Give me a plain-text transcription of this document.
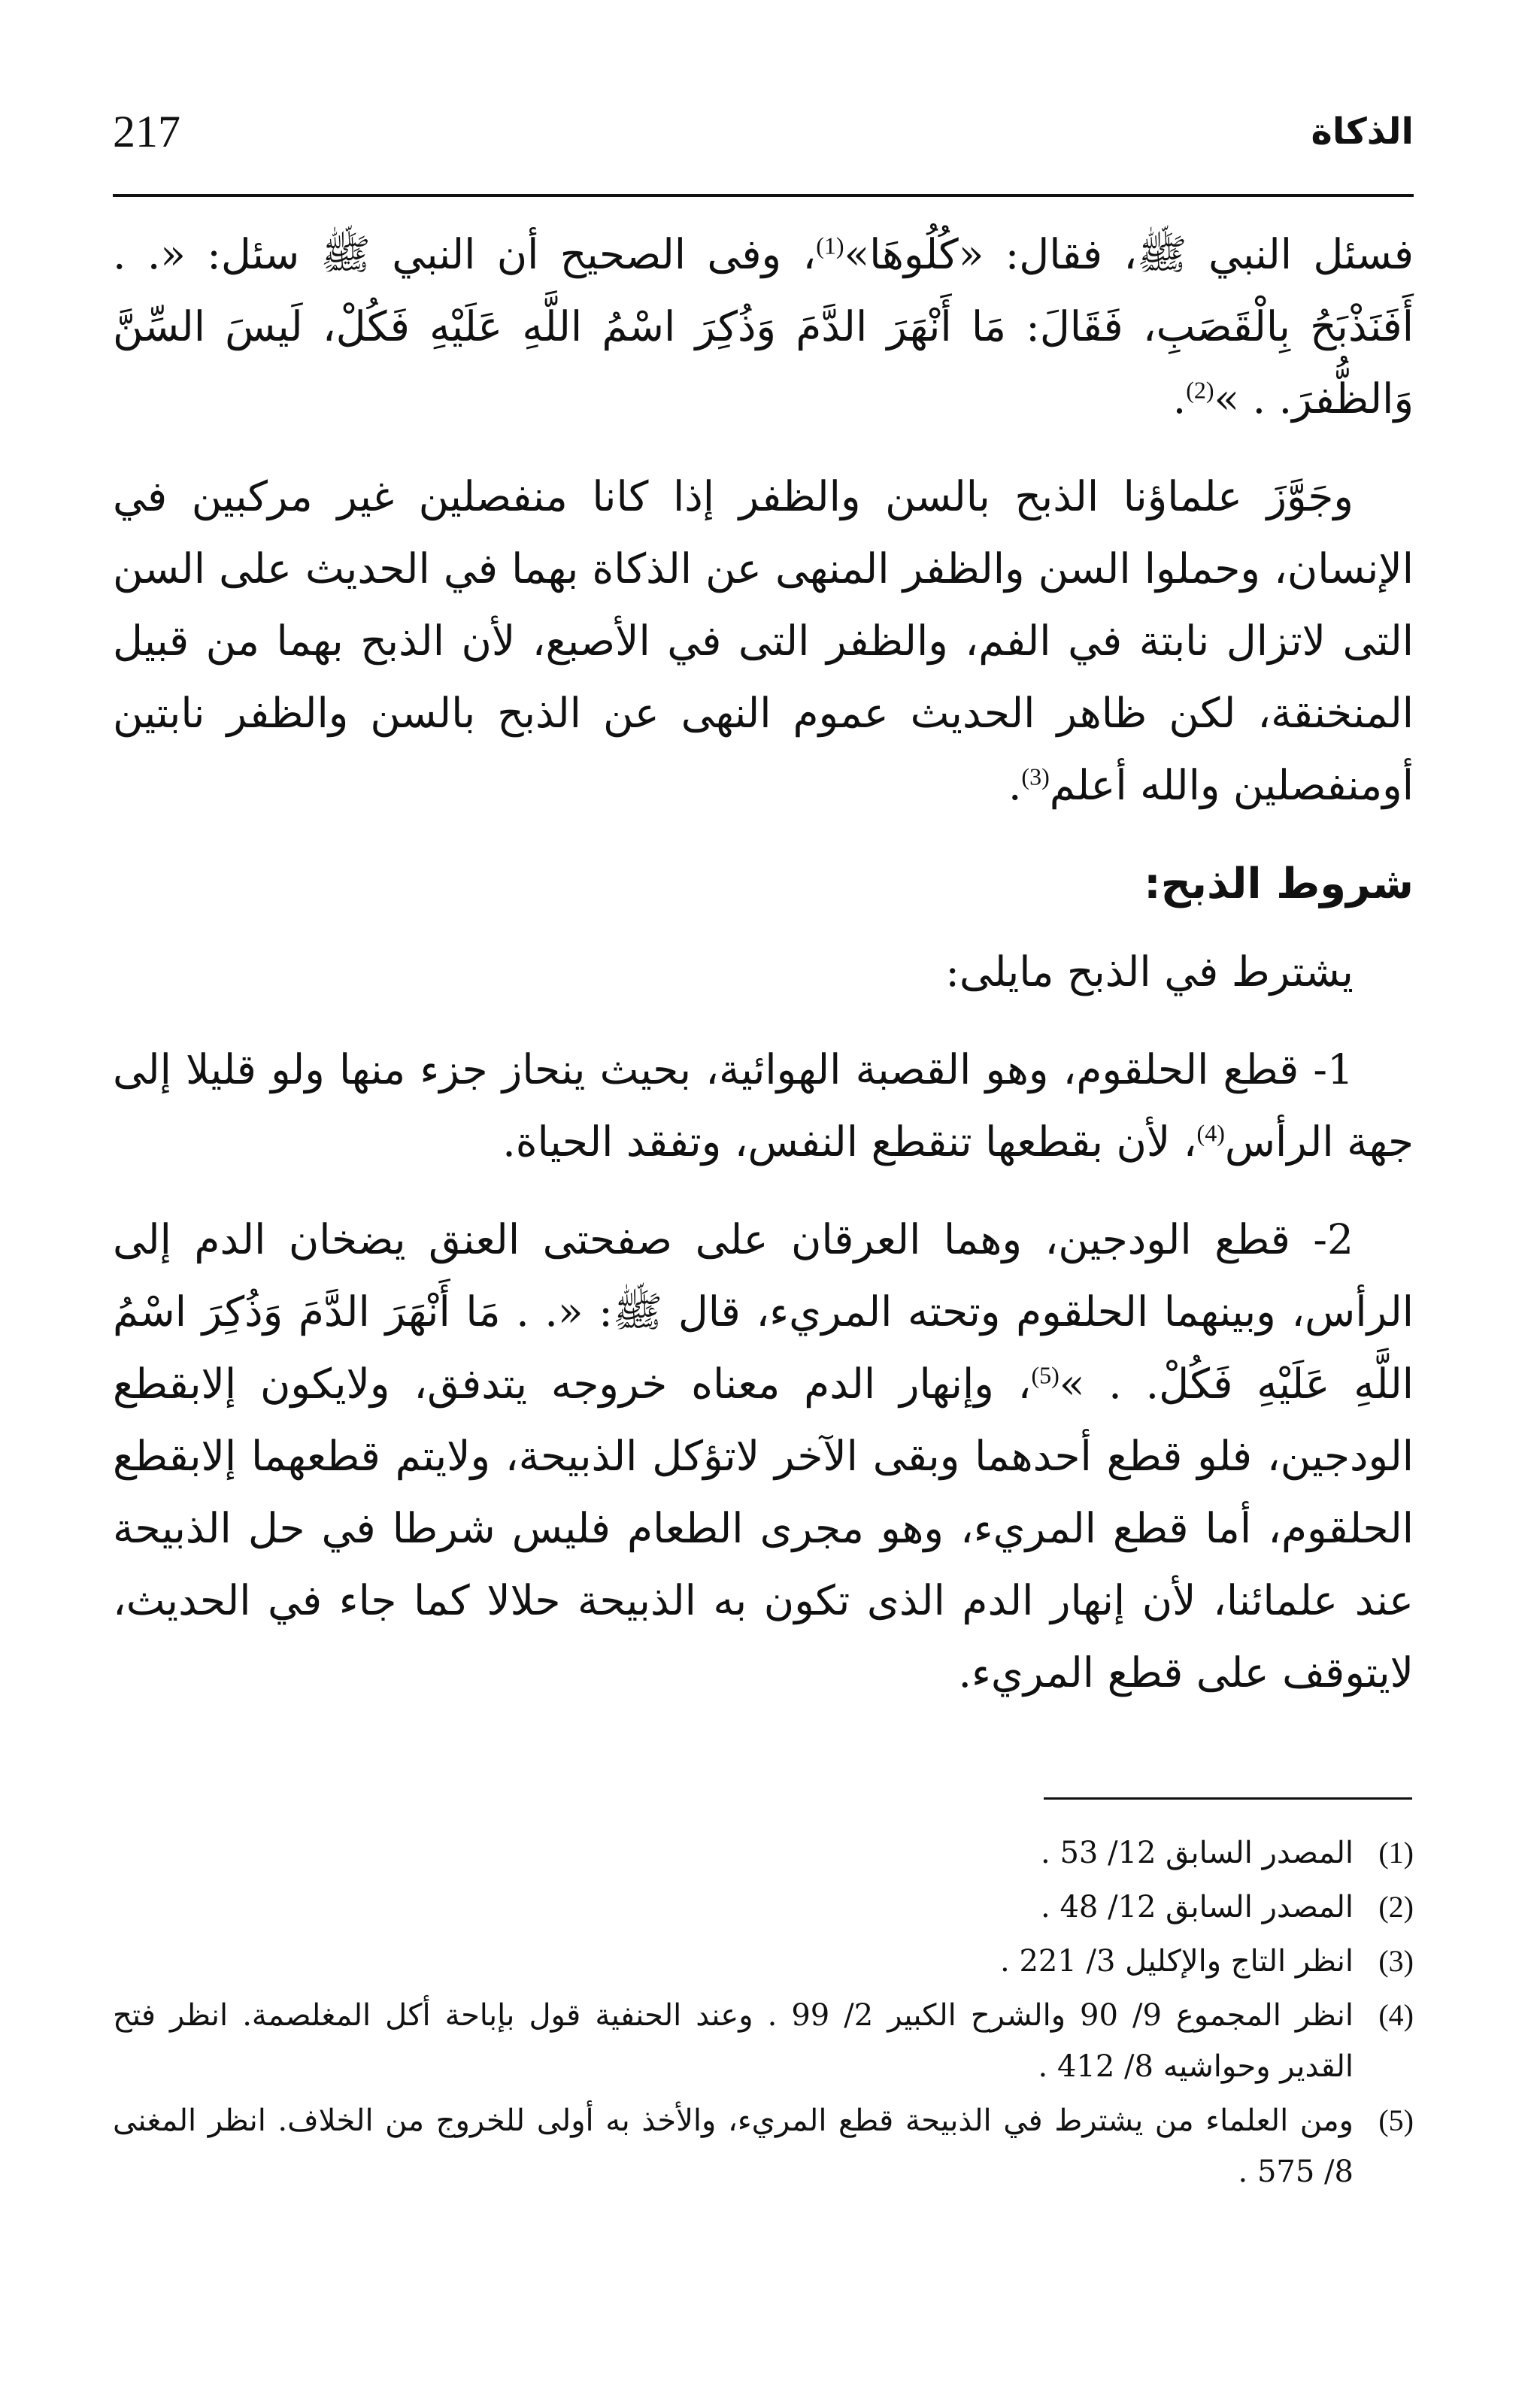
217	الذكاة

فسئل النبي ﷺ، فقال: «كُلُوهَا»$^{(1)}$، وفى الصحيح أن النبي ﷺ سئل: «. . أَفَنَذْبَحُ بِالْقَصَبِ، فَقَالَ: مَا أَنْهَرَ الدَّمَ وَذُكِرَ اسْمُ اللَّهِ عَلَيْهِ فَكُلْ، لَيسَ السِّنَّ وَالظُّفرَ. . »$^{(2)}$.

وجَوَّزَ علماؤنا الذبح بالسن والظفر إذا كانا منفصلين غير مركبين في الإنسان، وحملوا السن والظفر المنهى عن الذكاة بهما في الحديث على السن التى لاتزال نابتة في الفم، والظفر التى في الأصبع، لأن الذبح بهما من قبيل المنخنقة، لكن ظاهر الحديث عموم النهى عن الذبح بالسن والظفر نابتين أومنفصلين والله أعلم$^{(3)}$.

شروط الذبح:

يشترط في الذبح مايلى:

1- قطع الحلقوم، وهو القصبة الهوائية، بحيث ينحاز جزء منها ولو قليلا إلى جهة الرأس$^{(4)}$، لأن بقطعها تنقطع النفس، وتفقد الحياة.

2- قطع الودجين، وهما العرقان على صفحتى العنق يضخان الدم إلى الرأس، وبينهما الحلقوم وتحته المريء، قال ﷺ: «. . مَا أَنْهَرَ الدَّمَ وَذُكِرَ اسْمُ اللَّهِ عَلَيْهِ فَكُلْ. . »$^{(5)}$، وإنهار الدم معناه خروجه يتدفق، ولايكون إلابقطع الودجين، فلو قطع أحدهما وبقى الآخر لاتؤكل الذبيحة، ولايتم قطعهما إلابقطع الحلقوم، أما قطع المريء، وهو مجرى الطعام فليس شرطا في حل الذبيحة عند علمائنا، لأن إنهار الدم الذى تكون به الذبيحة حلالا كما جاء في الحديث، لايتوقف على قطع المريء.

(1)
المصدر السابق 12/ 53 .
(2)
المصدر السابق 12/ 48 .
(3)
انظر التاج والإكليل 3/ 221 .
(4)
انظر المجموع 9/ 90 والشرح الكبير 2/ 99 . وعند الحنفية قول بإباحة أكل المغلصمة. انظر فتح القدير وحواشيه 8/ 412 .
(5)
ومن العلماء من يشترط في الذبيحة قطع المريء، والأخذ به أولى للخروج من الخلاف. انظر المغنى 8/ 575 .
